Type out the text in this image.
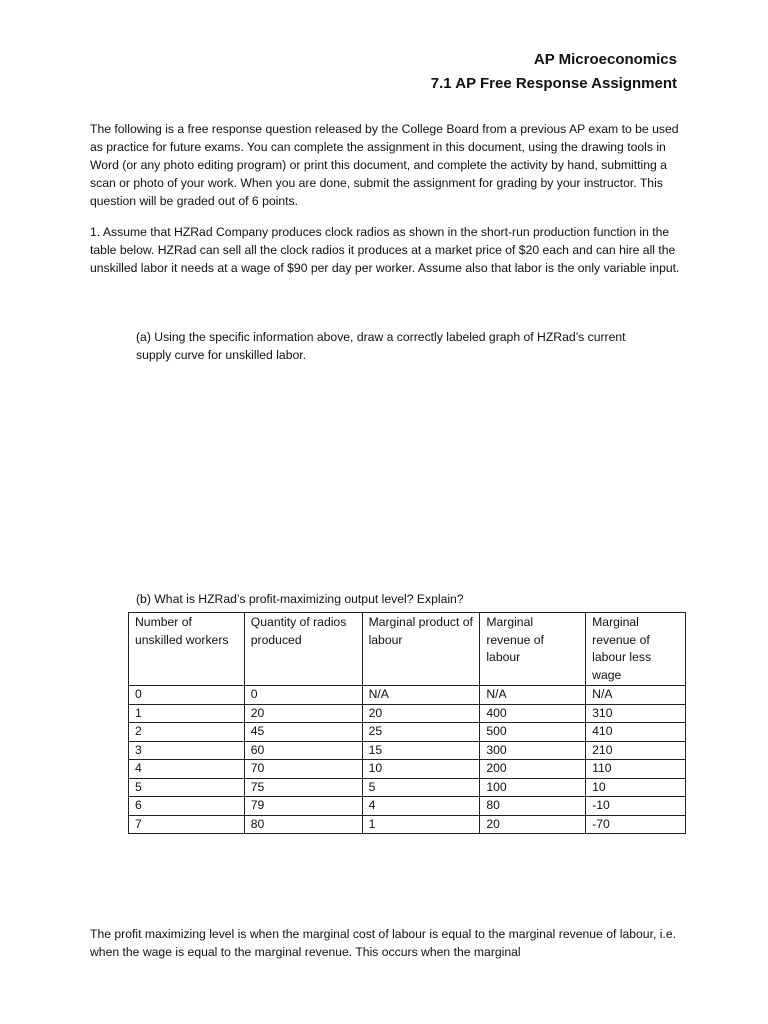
AP Microeconomics
7.1 AP Free Response Assignment

The following is a free response question released by the College Board from a previous AP exam to be used as practice for future exams. You can complete the assignment in this document, using the drawing tools in Word (or any photo editing program) or print this document, and complete the activity by hand, submitting a scan or photo of your work. When you are done, submit the assignment for grading by your instructor. This question will be graded out of 6 points.

1. Assume that HZRad Company produces clock radios as shown in the short-run production function in the table below. HZRad can sell all the clock radios it produces at a market price of $20 each and can hire all the unskilled labor it needs at a wage of $90 per day per worker. Assume also that labor is the only variable input.

(a) Using the specific information above, draw a correctly labeled graph of HZRad’s current supply curve for unskilled labor.

(b) What is HZRad’s profit-maximizing output level? Explain?

Number of unskilled workers	Quantity of radios produced	Marginal product of labour	Marginal revenue of labour	Marginal revenue of labour less wage
0	0	N/A	N/A	N/A
1	20	20	400	310
2	45	25	500	410
3	60	15	300	210
4	70	10	200	110
5	75	5	100	10
6	79	4	80	-10
7	80	1	20	-70

The profit maximizing level is when the marginal cost of labour is equal to the marginal revenue of labour, i.e. when the wage is equal to the marginal revenue. This occurs when the marginal
